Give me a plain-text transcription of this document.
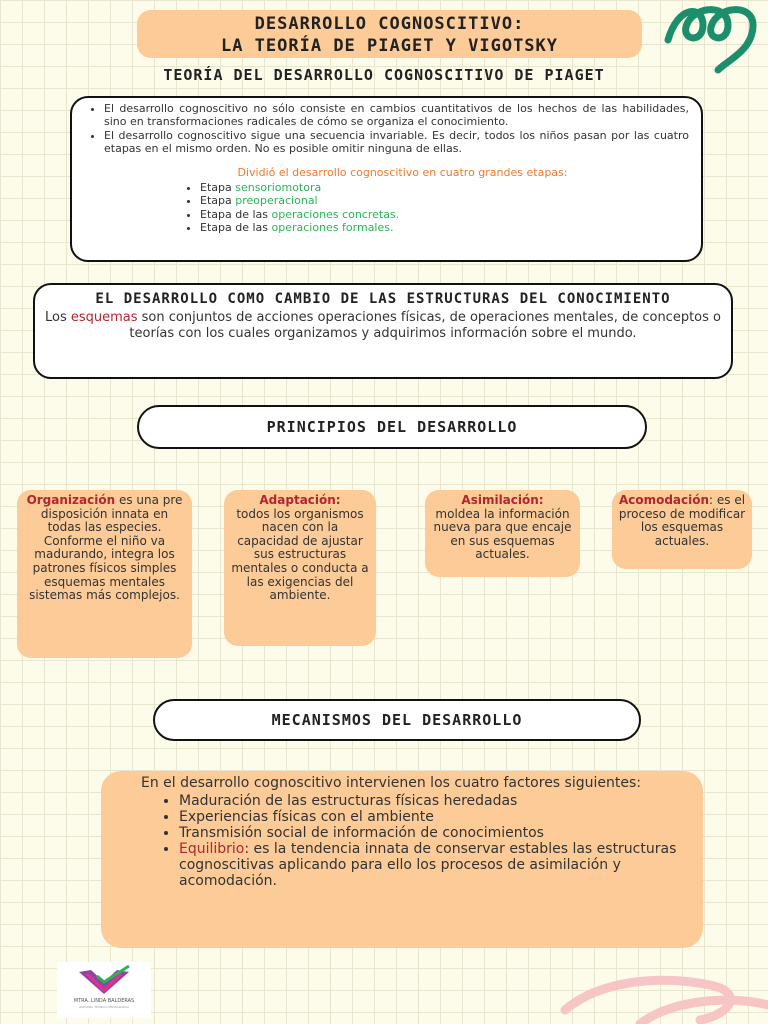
DESARROLLO COGNOSCITIVO:
LA TEORÍA DE PIAGET Y VIGOTSKY
TEORÍA DEL DESARROLLO COGNOSCITIVO DE PIAGET
• El desarrollo cognoscitivo no sólo consiste en cambios cuantitativos de los hechos de las habilidades, sino en transformaciones radicales de cómo se organiza el conocimiento.
• El desarrollo cognoscitivo sigue una secuencia invariable. Es decir, todos los niños pasan por las cuatro etapas en el mismo orden. No es posible omitir ninguna de ellas.
Dividió el desarrollo cognoscitivo en cuatro grandes etapas:
• Etapa sensoriomotora
• Etapa preoperacional
• Etapa de las operaciones concretas.
• Etapa de las operaciones formales.
EL DESARROLLO COMO CAMBIO DE LAS ESTRUCTURAS DEL CONOCIMIENTO
Los esquemas son conjuntos de acciones operaciones físicas, de operaciones mentales, de conceptos o teorías con los cuales organizamos y adquirimos información sobre el mundo.
PRINCIPIOS DEL DESARROLLO
Organización es una pre disposición innata en todas las especies. Conforme el niño va madurando, integra los patrones físicos simples esquemas mentales sistemas más complejos.
Adaptación:
todos los organismos nacen con la capacidad de ajustar sus estructuras mentales o conducta a las exigencias del ambiente.
Asimilación:
moldea la información nueva para que encaje en sus esquemas actuales.
Acomodación: es el proceso de modificar los esquemas actuales.
MECANISMOS DEL DESARROLLO
En el desarrollo cognoscitivo intervienen los cuatro factores siguientes:
• Maduración de las estructuras físicas heredadas
• Experiencias físicas con el ambiente
• Transmisión social de información de conocimientos
• Equilibrio: es la tendencia innata de conservar estables las estructuras cognoscitivas aplicando para ello los procesos de asimilación y acomodación.
MTRA. LINDA BALDERAS
ASESORA TÉCNICO PEDAGÓGICO
